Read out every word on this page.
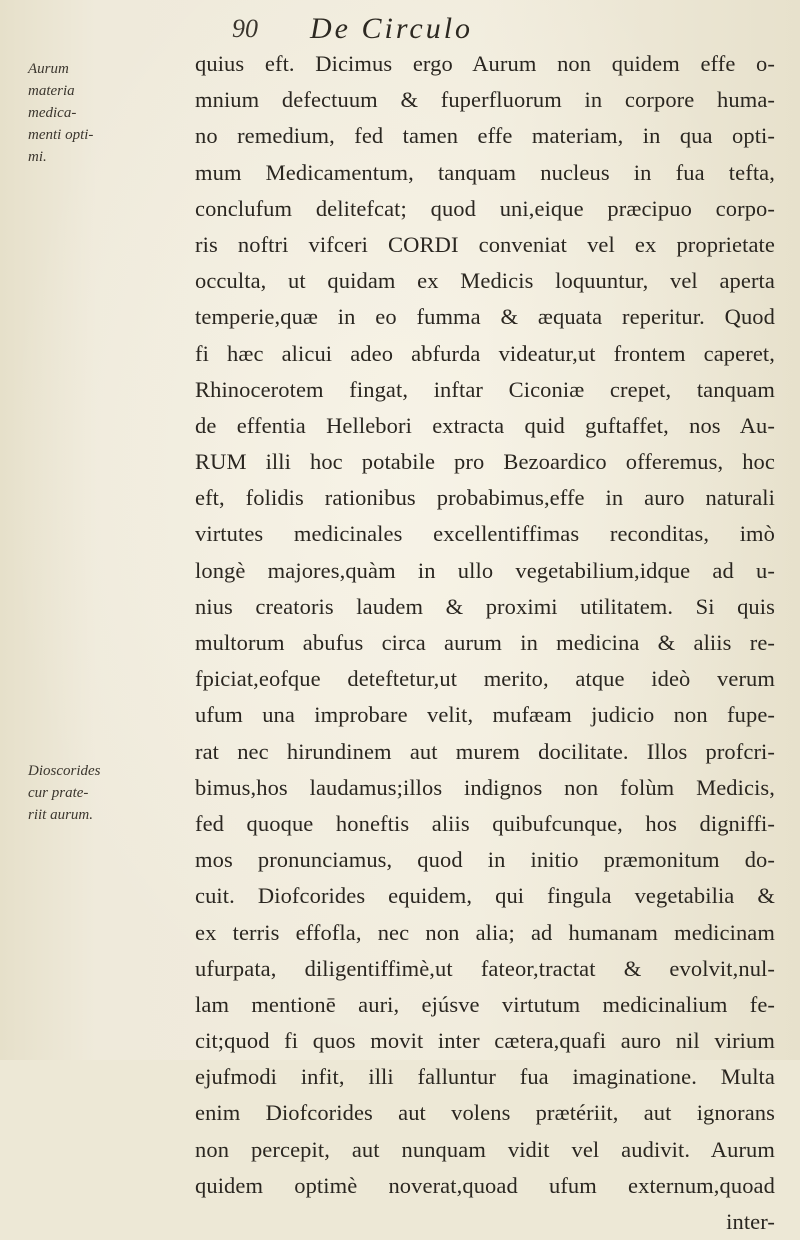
90 De Circulo
Aurum
materia
medica-
menti opti-
mi.
Dioscorides
cur prate-
riit aurum.
quius eft. Dicimus ergo Aurum non quidem effe o-
mnium defectuum & fuperfluorum in corpore huma-
no remedium, fed tamen effe materiam, in qua opti-
mum Medicamentum, tanquam nucleus in fua tefta,
conclufum delitefcat; quod uni,eique præcipuo corpo-
ris noftri vifceri CORDI conveniat vel ex proprietate
occulta, ut quidam ex Medicis loquuntur, vel aperta
temperie,quæ in eo fumma & æquata reperitur. Quod
fi hæc alicui adeo abfurda videatur,ut frontem caperet,
Rhinocerotem fingat, inftar Ciconiæ crepet, tanquam
de effentia Hellebori extracta quid guftaffet, nos Au-
RUM illi hoc potabile pro Bezoardico offeremus, hoc
eft, folidis rationibus probabimus,effe in auro naturali
virtutes medicinales excellentiffimas reconditas, imò
longè majores,quàm in ullo vegetabilium,idque ad u-
nius creatoris laudem & proximi utilitatem. Si quis
multorum abufus circa aurum in medicina & aliis re-
fpiciat,eofque deteftetur,ut merito, atque ideò verum
ufum una improbare velit, mufæam judicio non fupe-
rat nec hirundinem aut murem docilitate. Illos profcri-
bimus,hos laudamus;illos indignos non folùm Medicis,
fed quoque honeftis aliis quibufcunque, hos digniffi-
mos pronunciamus, quod in initio præmonitum do-
cuit. Diofcorides equidem, qui fingula vegetabilia &
ex terris effofla, nec non alia; ad humanam medicinam
ufurpata, diligentiffimè,ut fateor,tractat & evolvit,nul-
lam mentionē auri, ejúsve virtutum medicinalium fe-
cit;quod fi quos movit inter cætera,quafi auro nil virium
ejufmodi infit, illi falluntur fua imaginatione. Multa
enim Diofcorides aut volens prætériit, aut ignorans
non percepit, aut nunquam vidit vel audivit. Aurum
quidem optimè noverat,quoad ufum externum,quoad
inter-
